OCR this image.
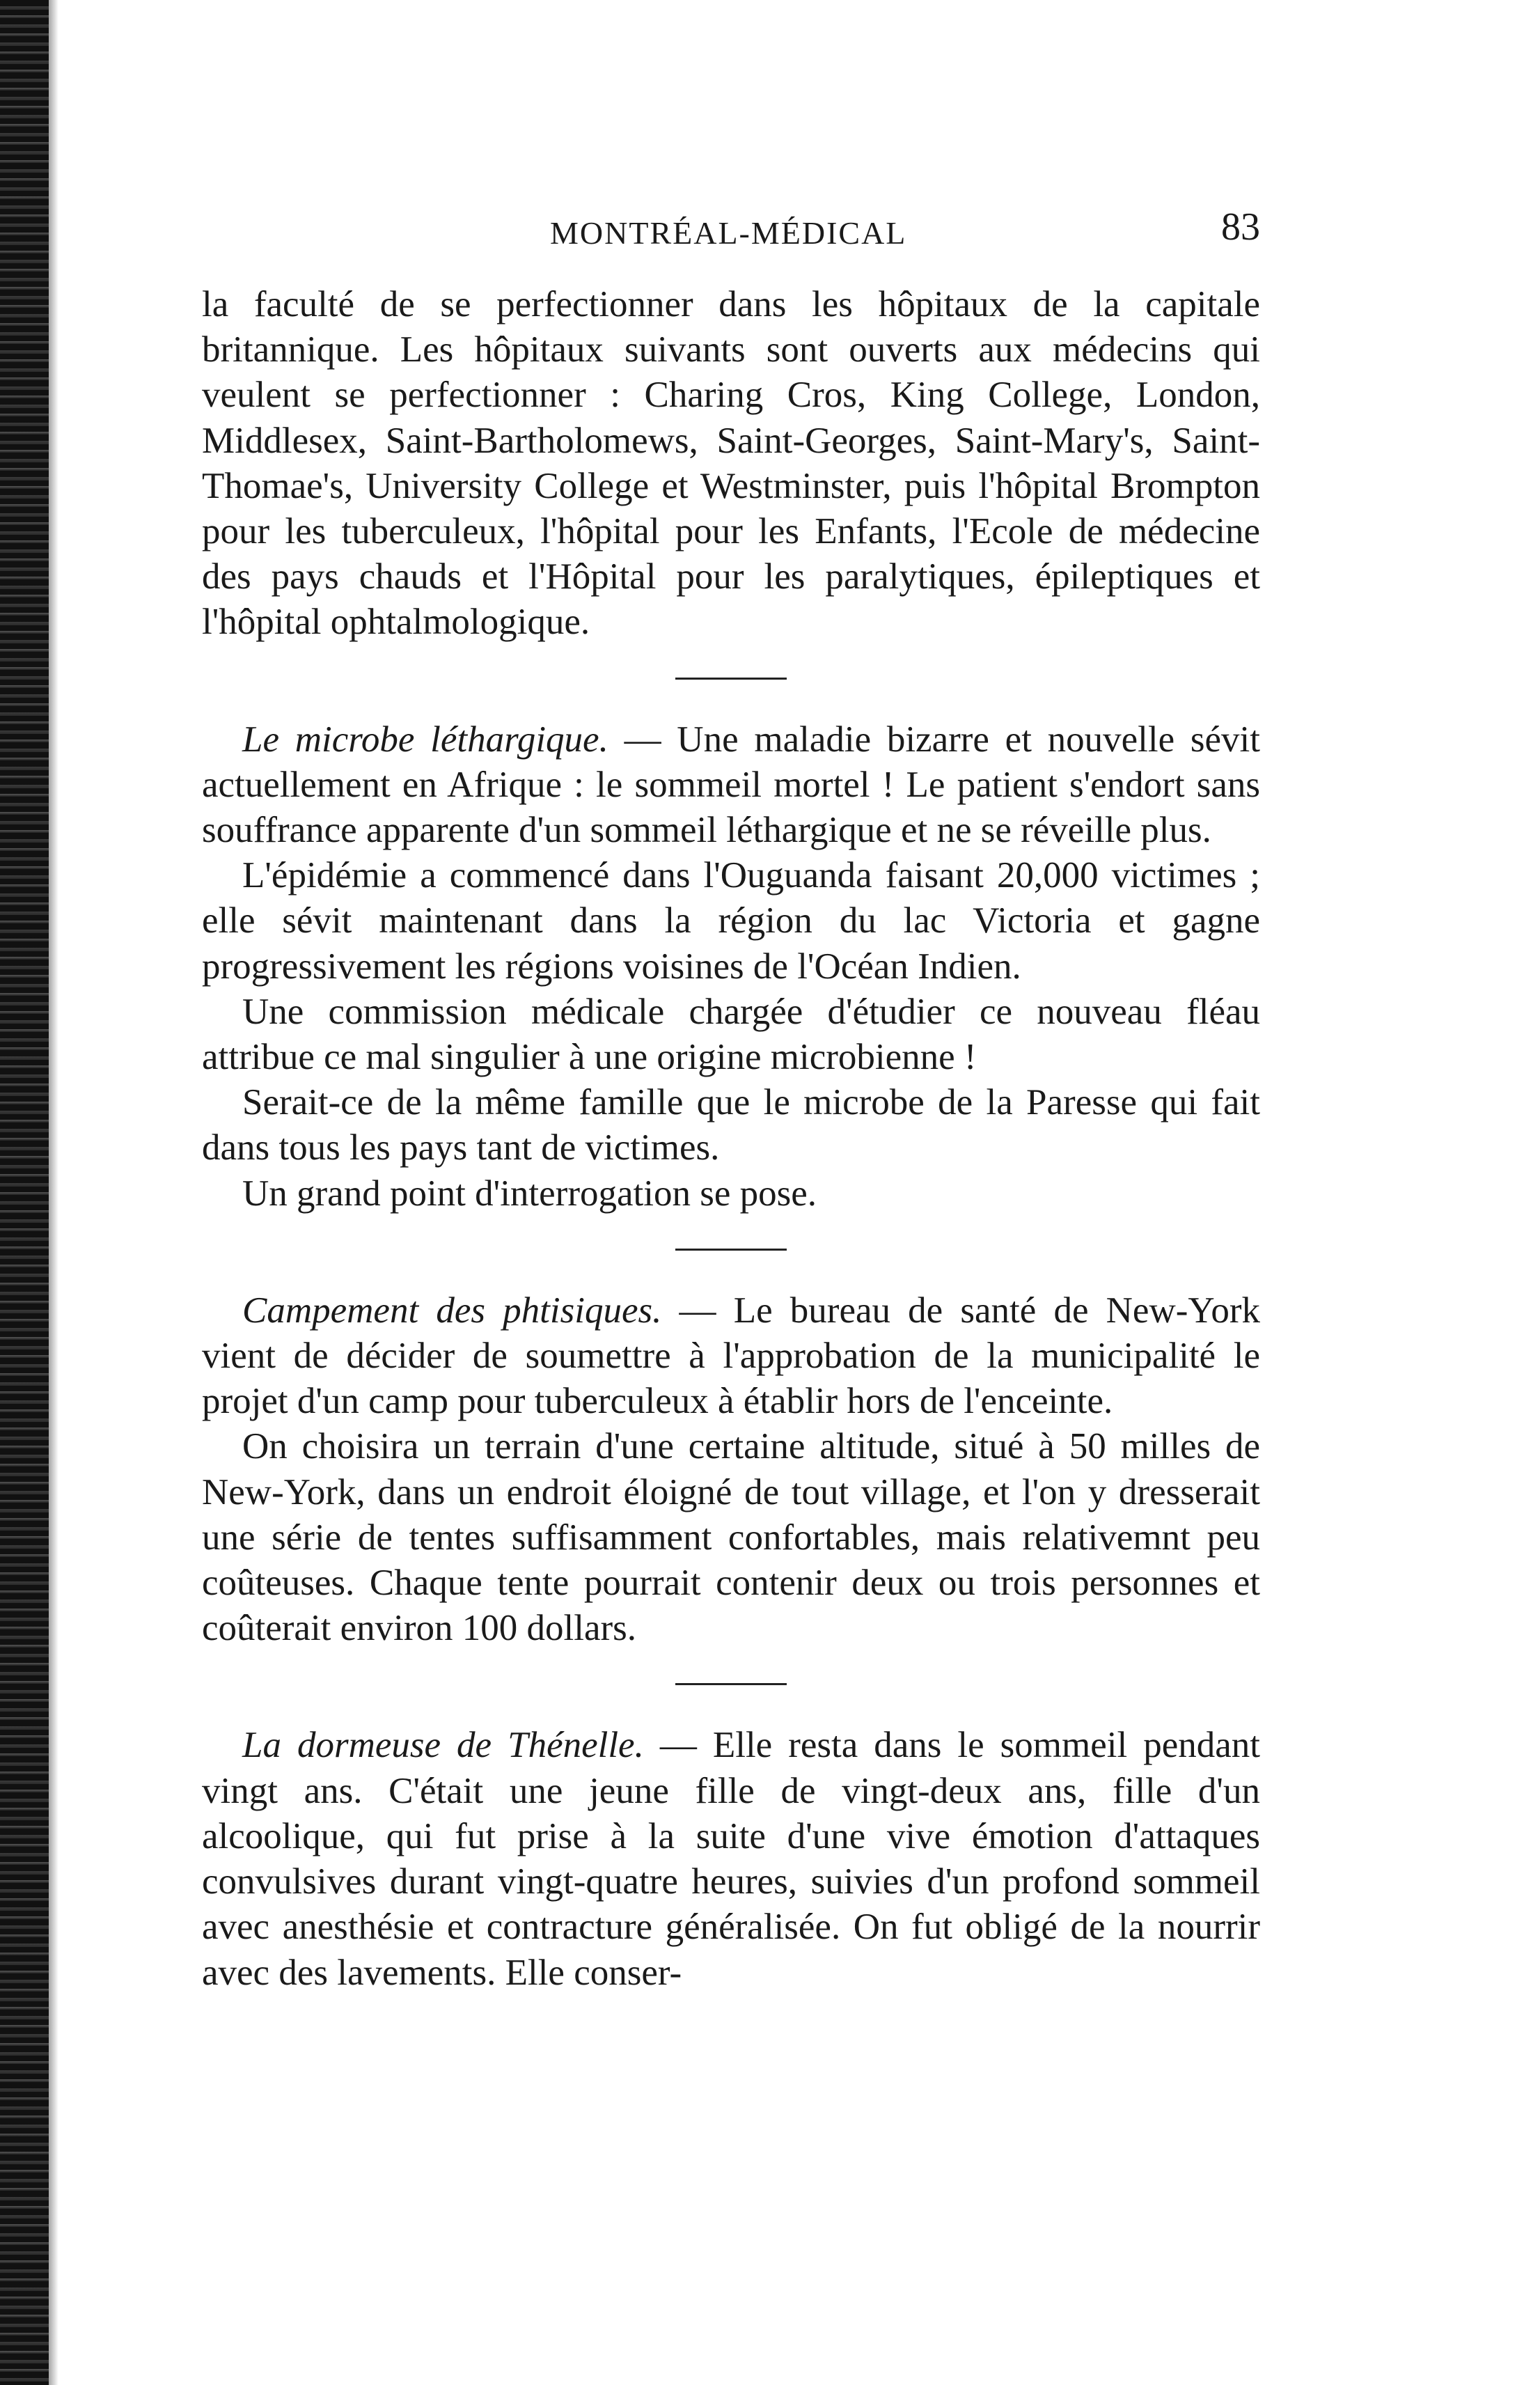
MONTRÉAL-MÉDICAL	83

la faculté de se perfectionner dans les hôpitaux de la capitale britannique. Les hôpitaux suivants sont ouverts aux médecins qui veulent se perfectionner : Charing Cros, King College, London, Middlesex, Saint-Bartholomews, Saint-Georges, Saint-Mary's, Saint-Thomae's, University College et Westminster, puis l'hôpital Brompton pour les tuberculeux, l'hôpital pour les Enfants, l'Ecole de médecine des pays chauds et l'Hôpital pour les paralytiques, épileptiques et l'hôpital ophtalmologique.

Le microbe léthargique. — Une maladie bizarre et nouvelle sévit actuellement en Afrique : le sommeil mortel ! Le patient s'endort sans souffrance apparente d'un sommeil léthargique et ne se réveille plus.

L'épidémie a commencé dans l'Ouguanda faisant 20,000 victimes ; elle sévit maintenant dans la région du lac Victoria et gagne progressivement les régions voisines de l'Océan Indien.

Une commission médicale chargée d'étudier ce nouveau fléau attribue ce mal singulier à une origine microbienne !

Serait-ce de la même famille que le microbe de la Paresse qui fait dans tous les pays tant de victimes.

Un grand point d'interrogation se pose.

Campement des phtisiques. — Le bureau de santé de New-York vient de décider de soumettre à l'approbation de la municipalité le projet d'un camp pour tuberculeux à établir hors de l'enceinte.

On choisira un terrain d'une certaine altitude, situé à 50 milles de New-York, dans un endroit éloigné de tout village, et l'on y dresserait une série de tentes suffisamment confortables, mais relativemnt peu coûteuses. Chaque tente pourrait contenir deux ou trois personnes et coûterait environ 100 dollars.

La dormeuse de Thénelle. — Elle resta dans le sommeil pendant vingt ans. C'était une jeune fille de vingt-deux ans, fille d'un alcoolique, qui fut prise à la suite d'une vive émotion d'attaques convulsives durant vingt-quatre heures, suivies d'un profond sommeil avec anesthésie et contracture généralisée. On fut obligé de la nourrir avec des lavements. Elle conser-
